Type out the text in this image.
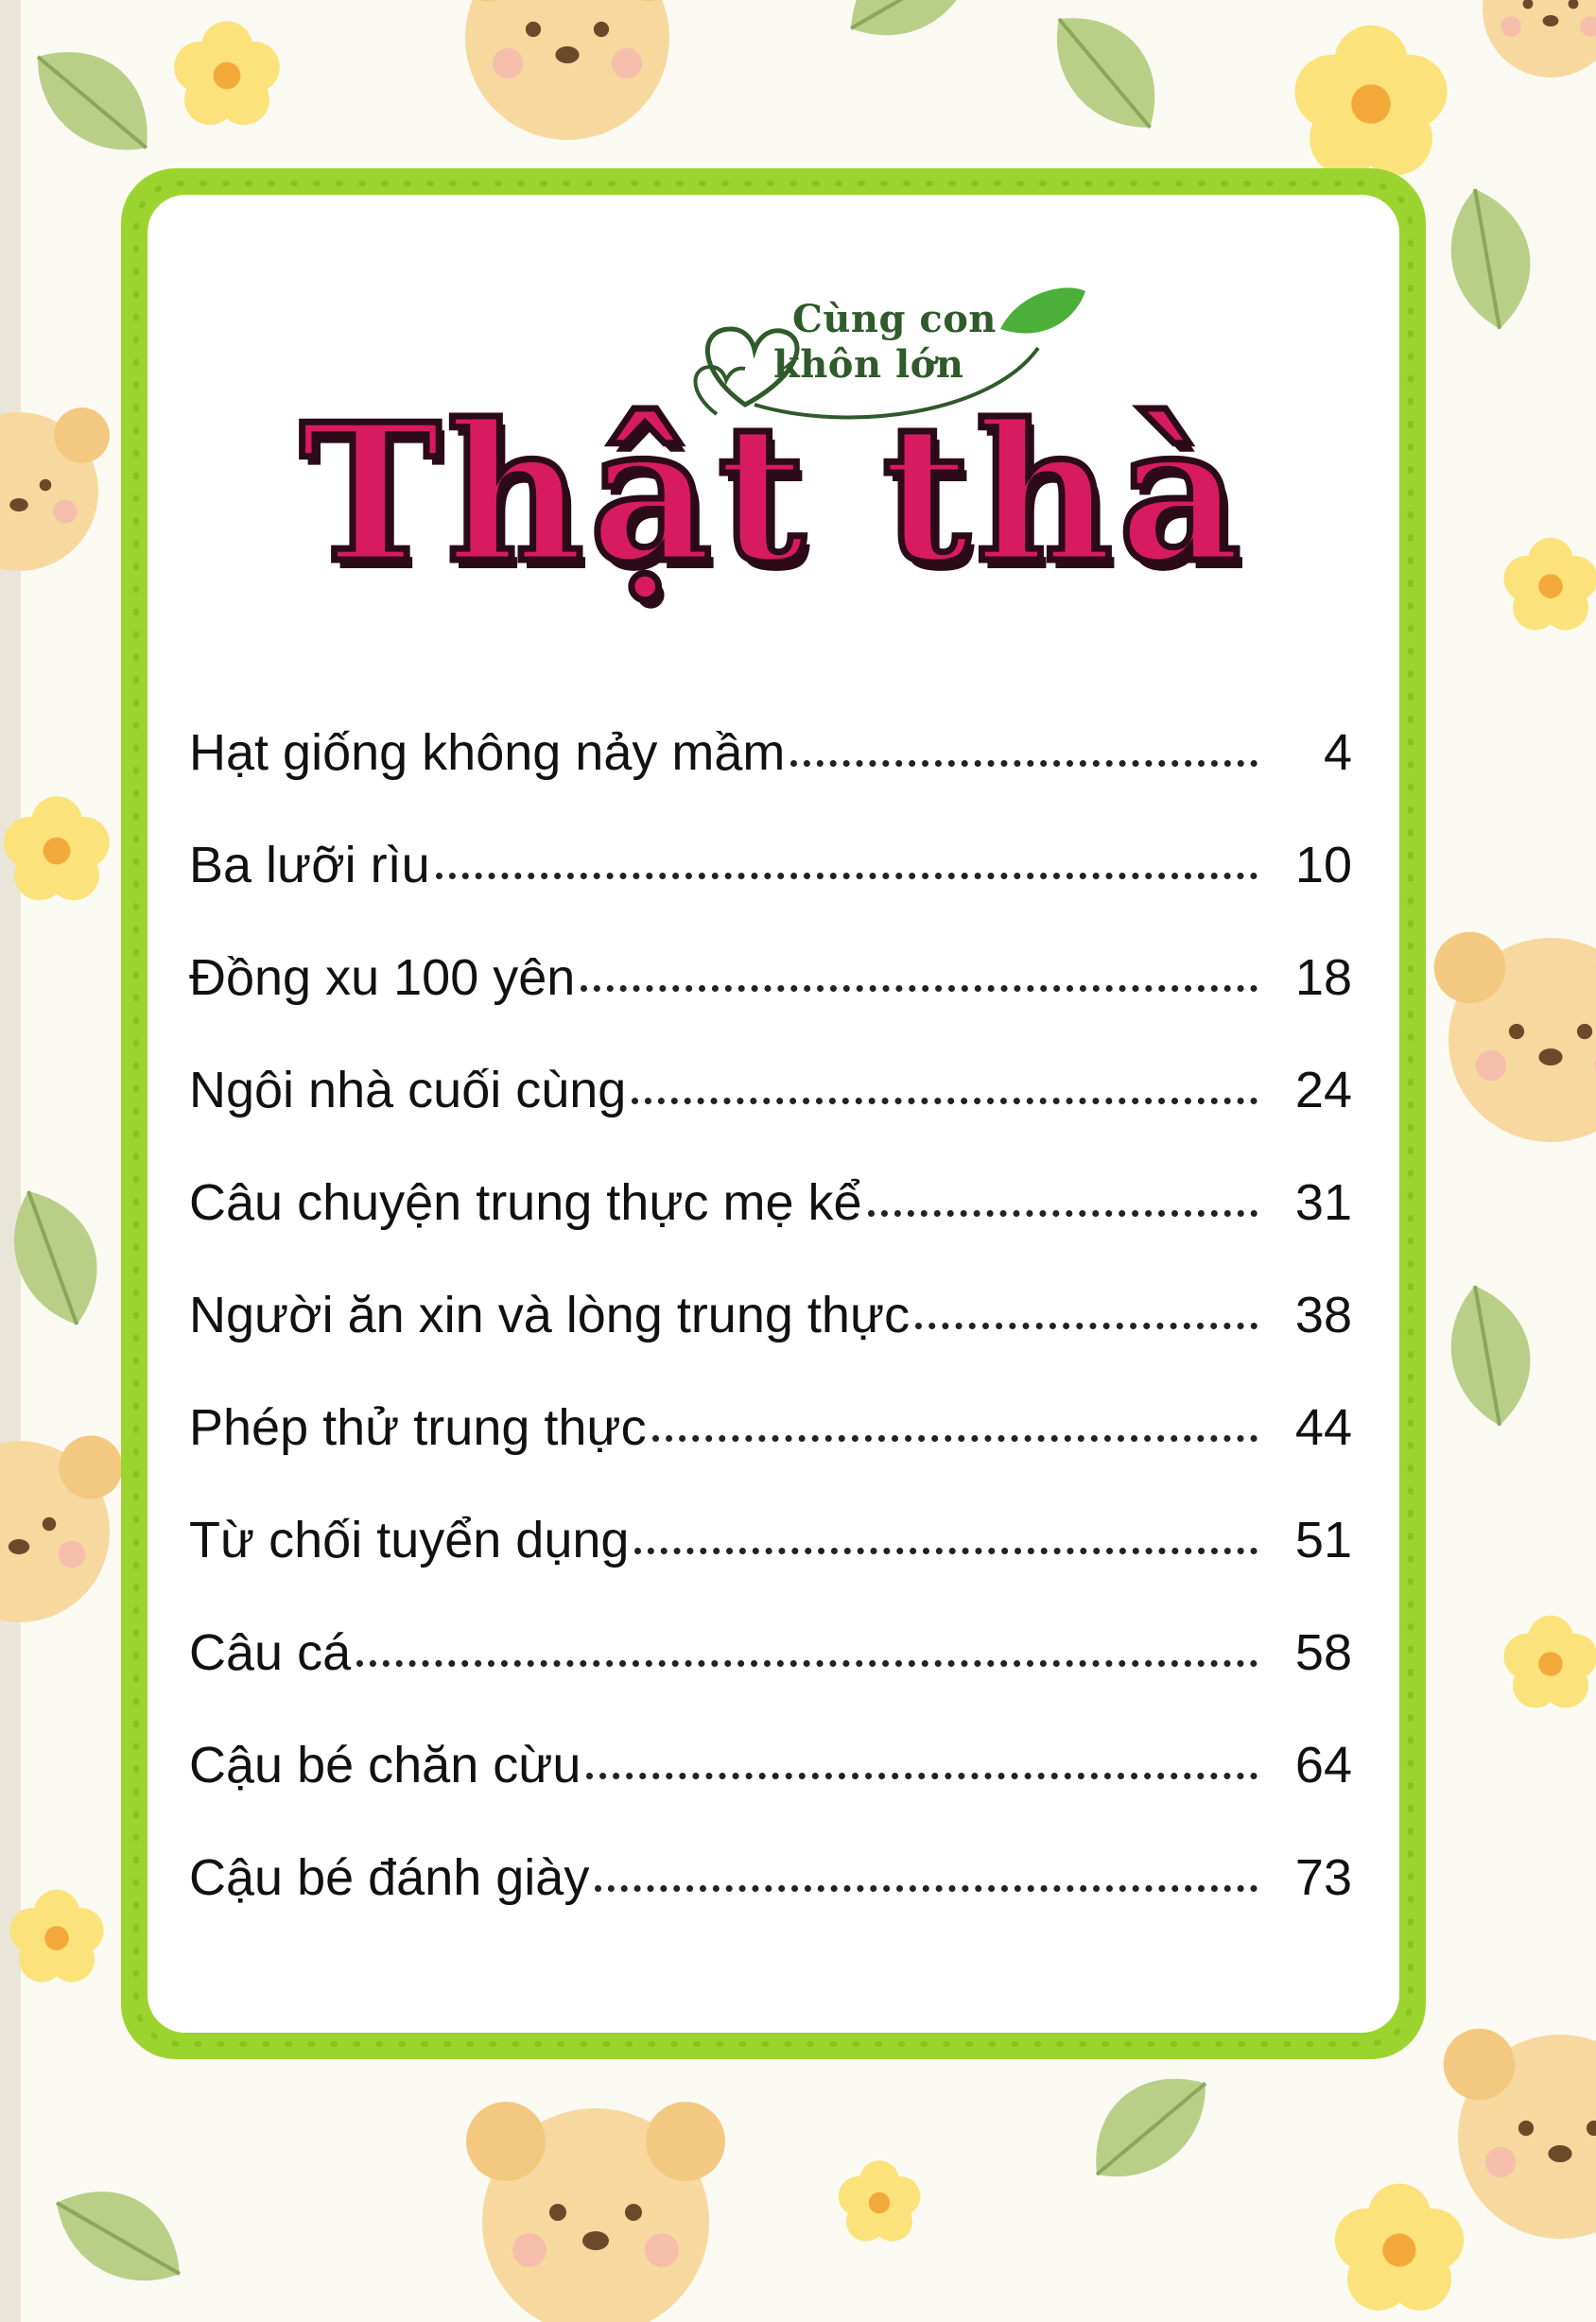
Cùng con
khôn lớn
Thật thà
Hạt giống không nảy mầm	4
Ba lưỡi rìu	10
Đồng xu 100 yên	18
Ngôi nhà cuối cùng	24
Câu chuyện trung thực mẹ kể	31
Người ăn xin và lòng trung thực	38
Phép thử trung thực	44
Từ chối tuyển dụng	51
Câu cá	58
Cậu bé chăn cừu	64
Cậu bé đánh giày	73
